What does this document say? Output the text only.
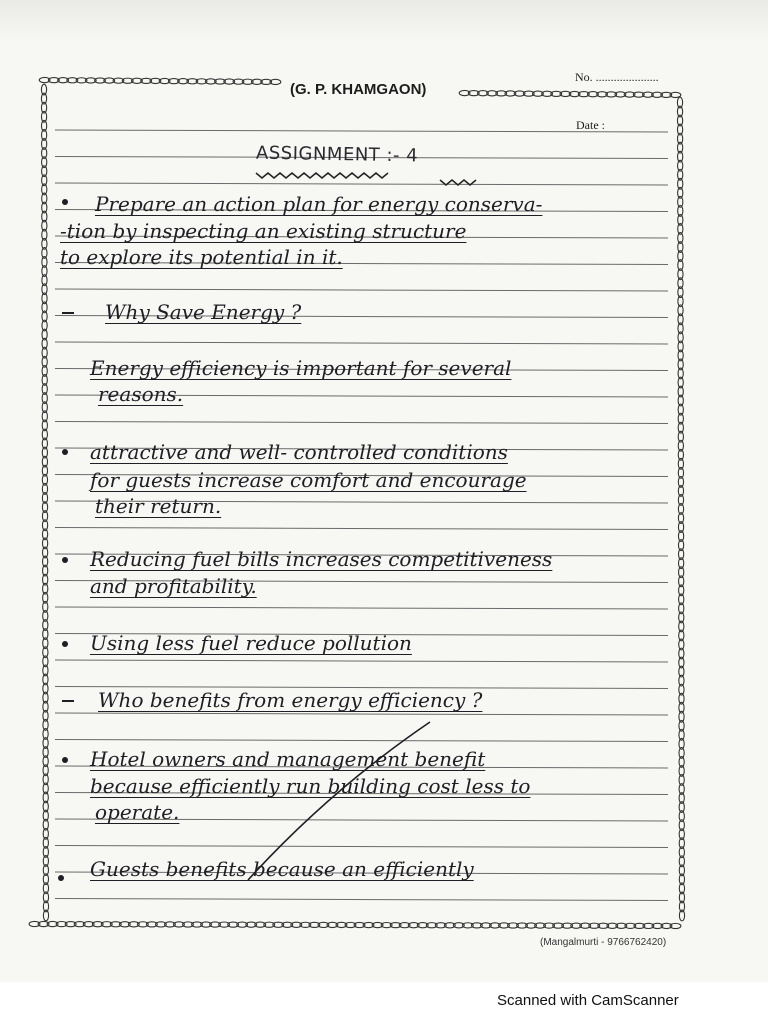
(G. P. KHAMGAON)
No. .....................
Date :
ASSIGNMENT :- 4
Prepare an action plan for energy conserva-
-tion by inspecting an existing structure
to explore its potential in it.
Why Save Energy ?
Energy efficiency is important for several
reasons.
attractive and well- controlled conditions
for guests increase comfort and encourage
their return.
Reducing fuel bills increases competitiveness
and profitability.
Using less fuel reduce pollution
Who benefits from energy efficiency ?
Hotel owners and management benefit
because efficiently run building cost less to
operate.
Guests benefits because an efficiently
(Mangalmurti - 9766762420)
Scanned with CamScanner
